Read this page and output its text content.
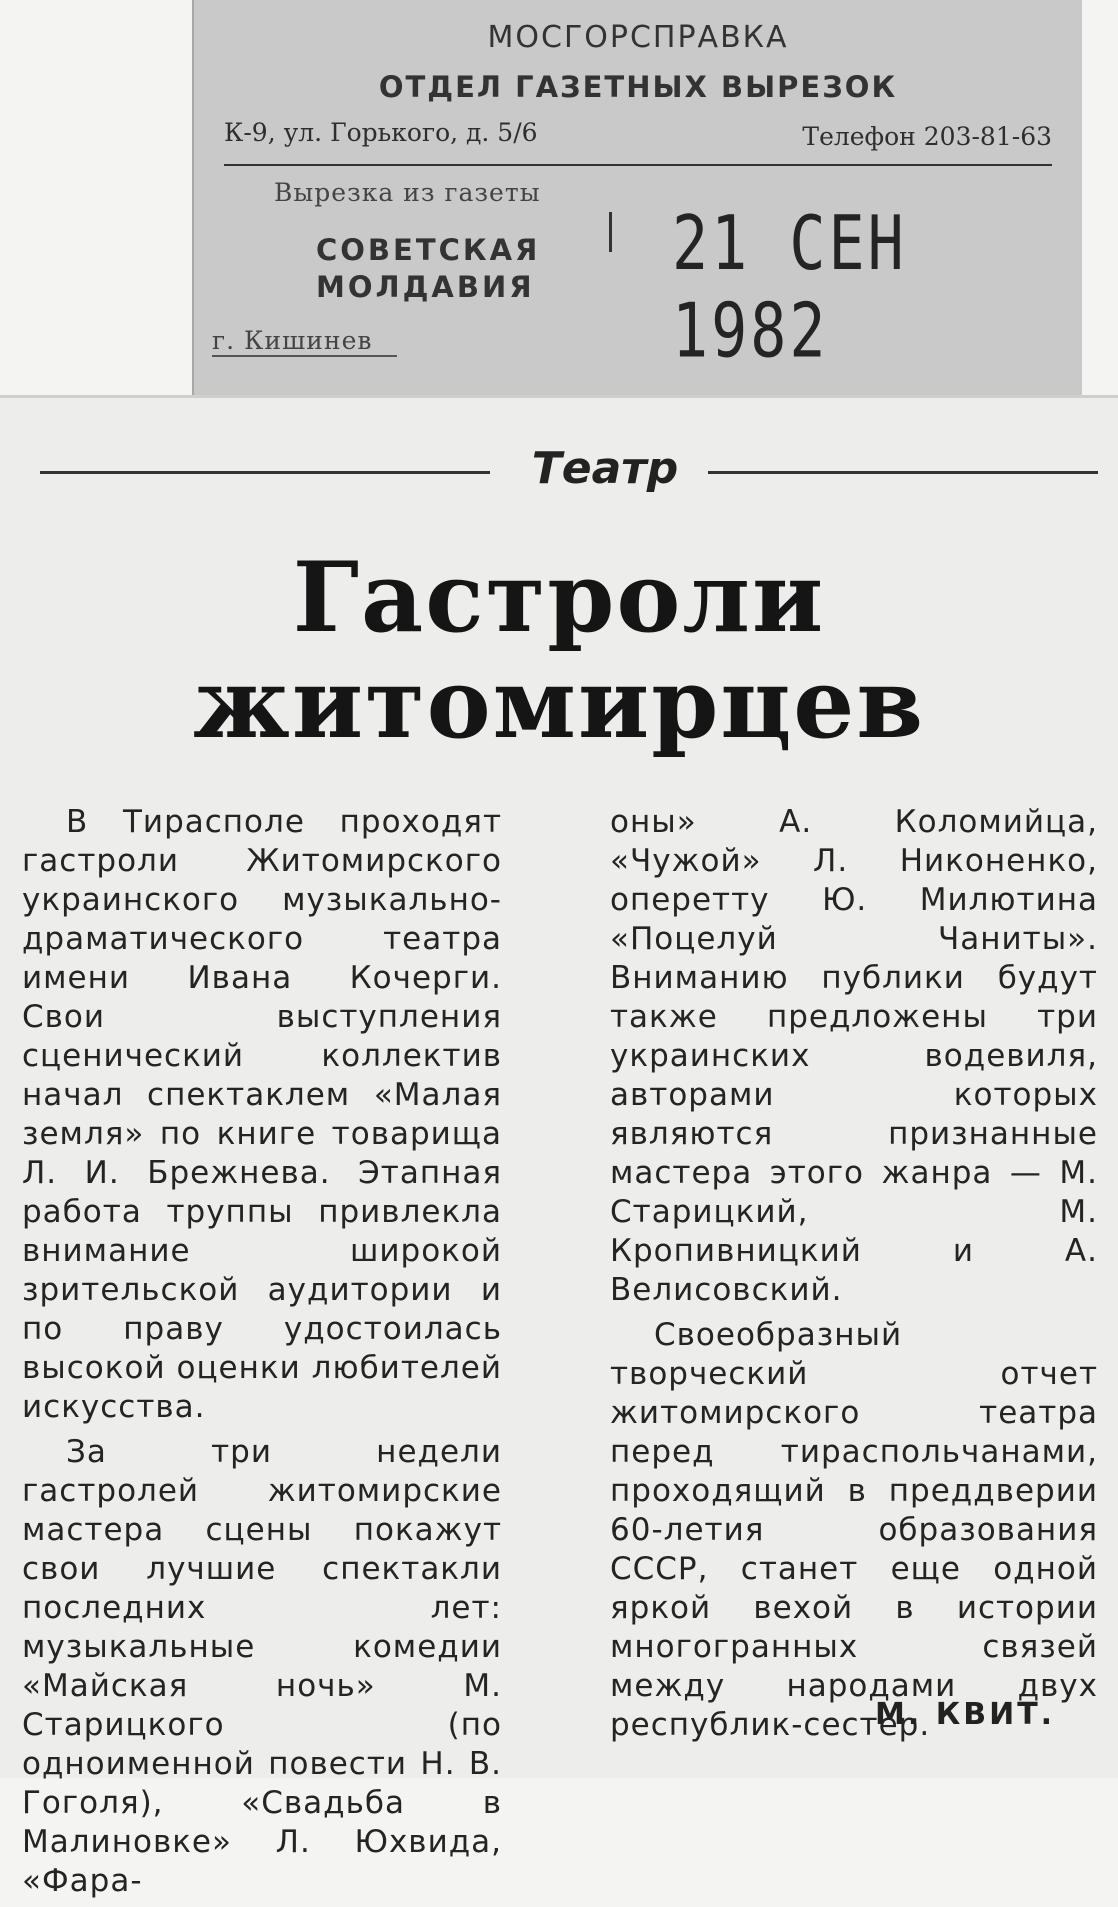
МОСГОРСПРАВКА
ОТДЕЛ ГАЗЕТНЫХ ВЫРЕЗОК
К-9, ул. Горького, д. 5/6	Телефон 203-81-63
Вырезка из газеты
СОВЕТСКАЯ
МОЛДАВИЯ 21 СЕН 1982
г. Кишинев
Театр
Гастроли
житомирцев

В Тирасполе проходят гастроли Житомирского украинского музыкально-драматического театра имени Ивана Кочерги. Свои выступления сценический коллектив начал спектаклем «Малая земля» по книге товарища Л. И. Брежнева. Этапная работа труппы привлекла внимание широкой зрительской аудитории и по праву удостоилась высокой оценки любителей искусства.

За три недели гастролей житомирские мастера сцены покажут свои лучшие спектакли последних лет: музыкальные комедии «Майская ночь» М. Старицкого (по одноименной повести Н. В. Гоголя), «Свадьба в Малиновке» Л. Юхвида, «Фара-

оны» А. Коломийца, «Чужой» Л. Никоненко, оперетту Ю. Милютина «Поцелуй Чаниты». Вниманию публики будут также предложены три украинских водевиля, авторами которых являются признанные мастера этого жанра — М. Старицкий, М. Кропивницкий и А. Велисовский.

Своеобразный творческий отчет житомирского театра перед тираспольчанами, проходящий в преддверии 60-летия образования СССР, станет еще одной яркой вехой в истории многогранных связей между народами двух республик-сестер.

М. КВИТ.
